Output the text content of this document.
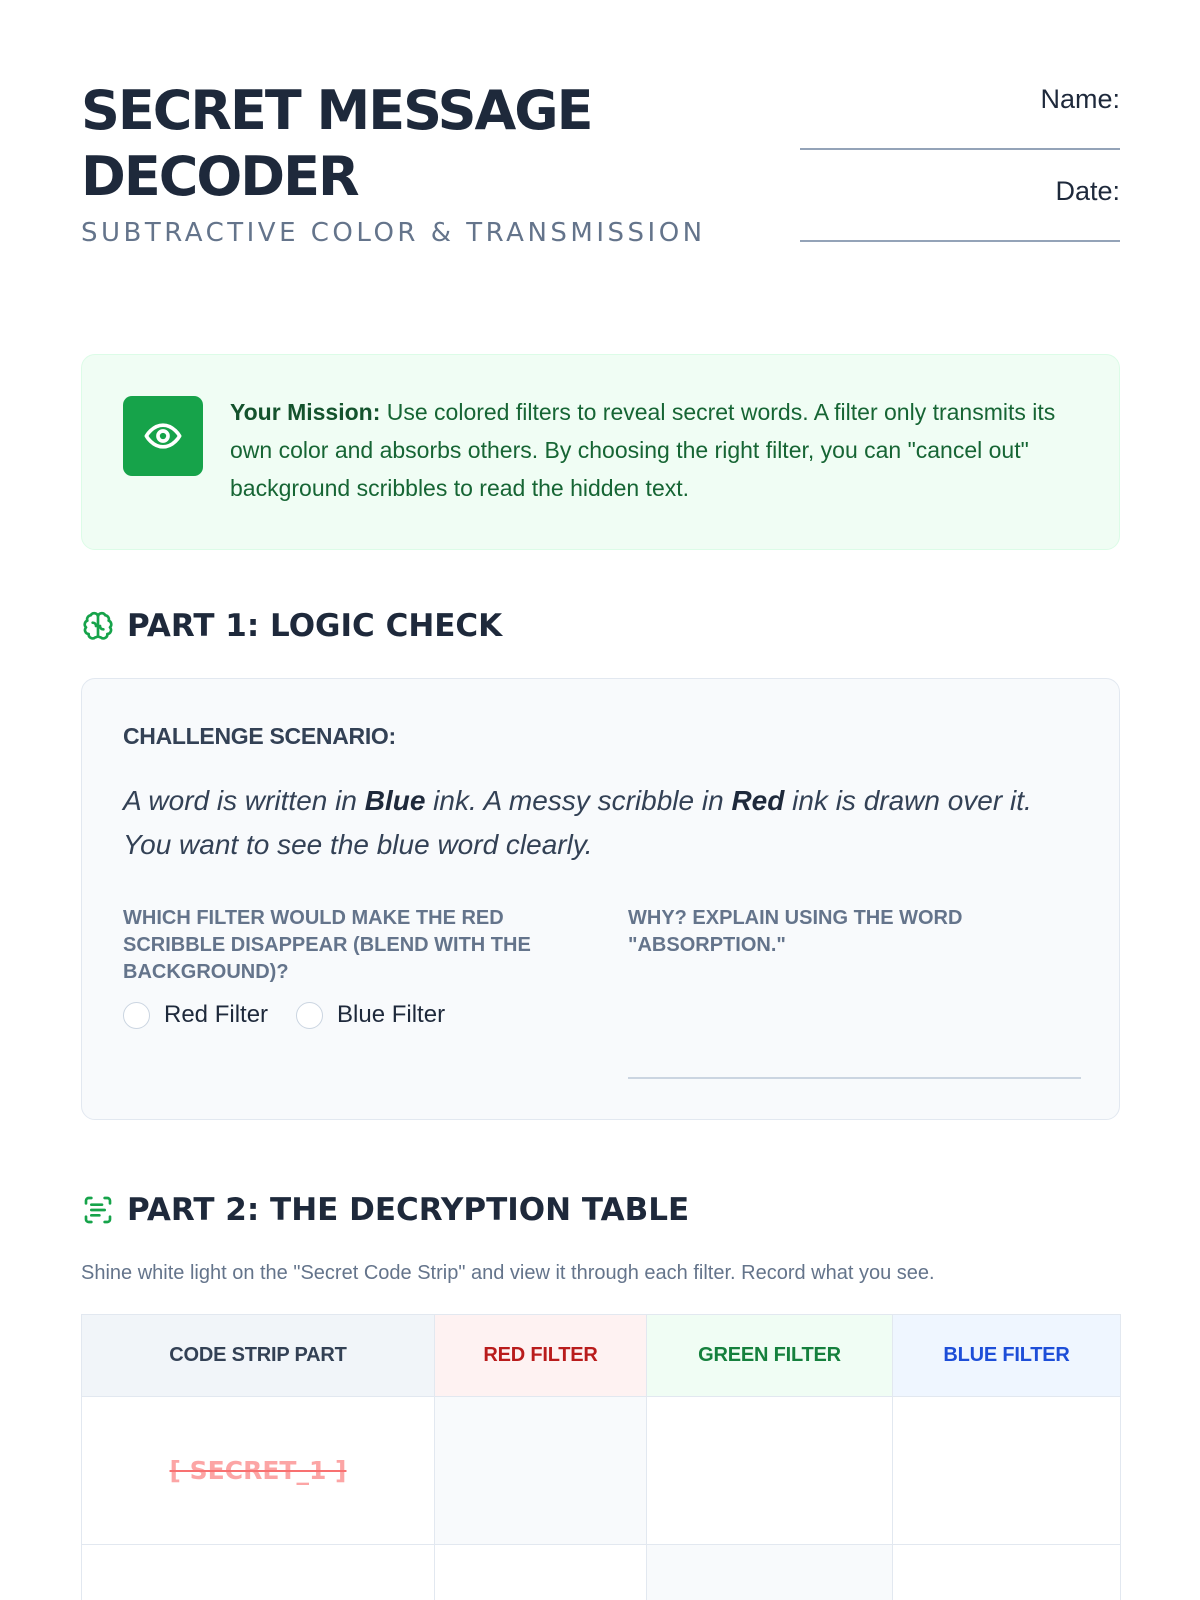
SECRET MESSAGE DECODER
SUBTRACTIVE COLOR & TRANSMISSION
Name:
Date:

Your Mission: Use colored filters to reveal secret words. A filter only transmits its own color and absorbs others. By choosing the right filter, you can "cancel out" background scribbles to read the hidden text.

PART 1: LOGIC CHECK
CHALLENGE SCENARIO:

A word is written in Blue ink. A messy scribble in Red ink is drawn over it. You want to see the blue word clearly.

WHICH FILTER WOULD MAKE THE RED SCRIBBLE DISAPPEAR (BLEND WITH THE BACKGROUND)?
WHY? EXPLAIN USING THE WORD "ABSORPTION."
Red Filter	Blue Filter
PART 2: THE DECRYPTION TABLE

Shine white light on the "Secret Code Strip" and view it through each filter. Record what you see.

CODE STRIP PART	RED FILTER	GREEN FILTER	BLUE FILTER
[ SECRET_1 ]			
